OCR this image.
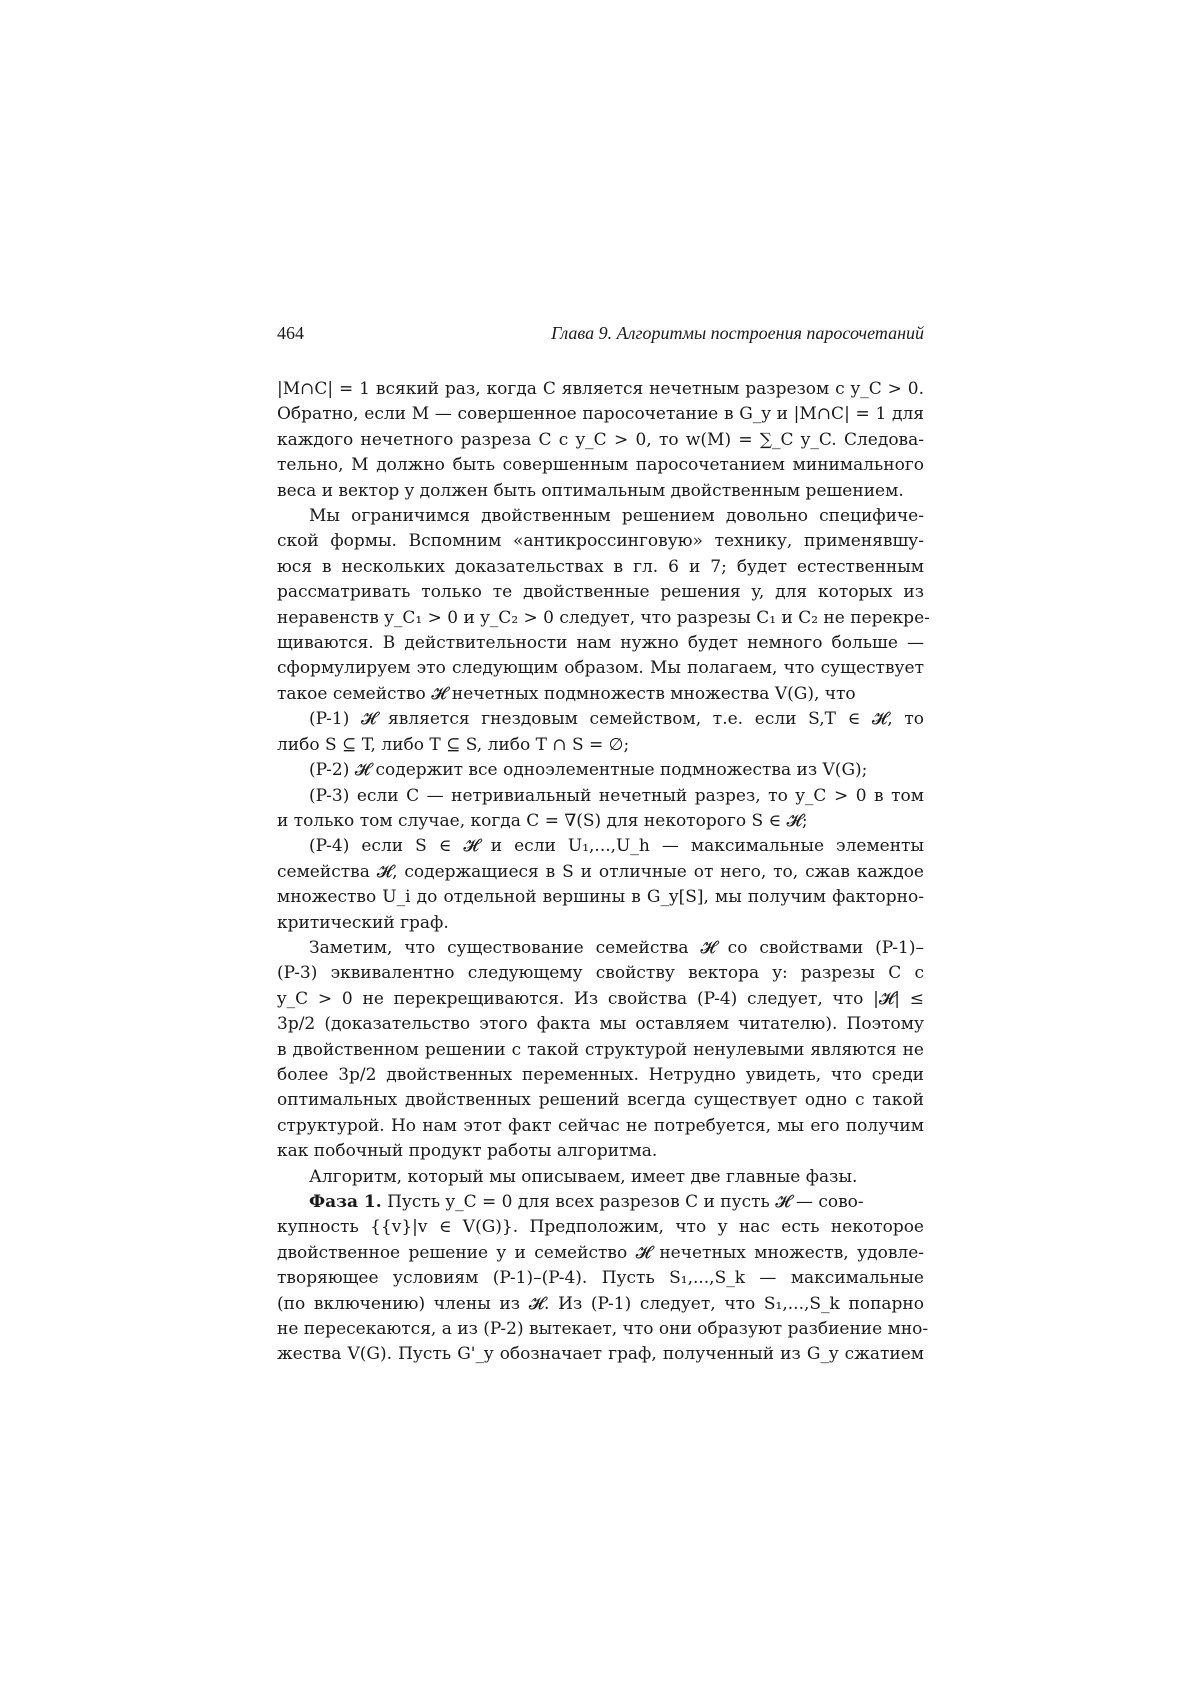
464	Глава 9. Алгоритмы построения паросочетаний
|M∩C| = 1 всякий раз, когда C является нечетным разрезом с y_C > 0.
Обратно, если M — совершенное паросочетание в G_y и |M∩C| = 1 для
каждого нечетного разреза C с y_C > 0, то w(M) = ∑_C y_C. Следова-
тельно, M должно быть совершенным паросочетанием минимального
веса и вектор y должен быть оптимальным двойственным решением.
Мы ограничимся двойственным решением довольно специфиче-
ской формы. Вспомним «антикроссинговую» технику, применявшу-
юся в нескольких доказательствах в гл. 6 и 7; будет естественным
рассматривать только те двойственные решения y, для которых из
неравенств y_C₁ > 0 и y_C₂ > 0 следует, что разрезы C₁ и C₂ не перекре-
щиваются. В действительности нам нужно будет немного больше —
сформулируем это следующим образом. Мы полагаем, что существует
такое семейство 𝓗 нечетных подмножеств множества V(G), что
(P-1) 𝓗 является гнездовым семейством, т.е. если S,T ∈ 𝓗, то
либо S ⊆ T, либо T ⊆ S, либо T ∩ S = ∅;
(P-2) 𝓗 содержит все одноэлементные подмножества из V(G);
(P-3) если C — нетривиальный нечетный разрез, то y_C > 0 в том
и только том случае, когда C = ∇(S) для некоторого S ∈ 𝓗;
(P-4) если S ∈ 𝓗 и если U₁,...,U_h — максимальные элементы
семейства 𝓗, содержащиеся в S и отличные от него, то, сжав каждое
множество U_i до отдельной вершины в G_y[S], мы получим факторно-
критический граф.
Заметим, что существование семейства 𝓗 со свойствами (P-1)–
(P-3) эквивалентно следующему свойству вектора y: разрезы C с
y_C > 0 не перекрещиваются. Из свойства (P-4) следует, что |𝓗| ≤
3p/2 (доказательство этого факта мы оставляем читателю). Поэтому
в двойственном решении с такой структурой ненулевыми являются не
более 3p/2 двойственных переменных. Нетрудно увидеть, что среди
оптимальных двойственных решений всегда существует одно с такой
структурой. Но нам этот факт сейчас не потребуется, мы его получим
как побочный продукт работы алгоритма.
Алгоритм, который мы описываем, имеет две главные фазы.
Фаза 1. Пусть y_C = 0 для всех разрезов C и пусть 𝓗 — сово-
купность {{v}|v ∈ V(G)}. Предположим, что у нас есть некоторое
двойственное решение y и семейство 𝓗 нечетных множеств, удовле-
творяющее условиям (P-1)–(P-4). Пусть S₁,...,S_k — максимальные
(по включению) члены из 𝓗. Из (P-1) следует, что S₁,...,S_k попарно
не пересекаются, а из (P-2) вытекает, что они образуют разбиение мно-
жества V(G). Пусть G'_y обозначает граф, полученный из G_y сжатием
